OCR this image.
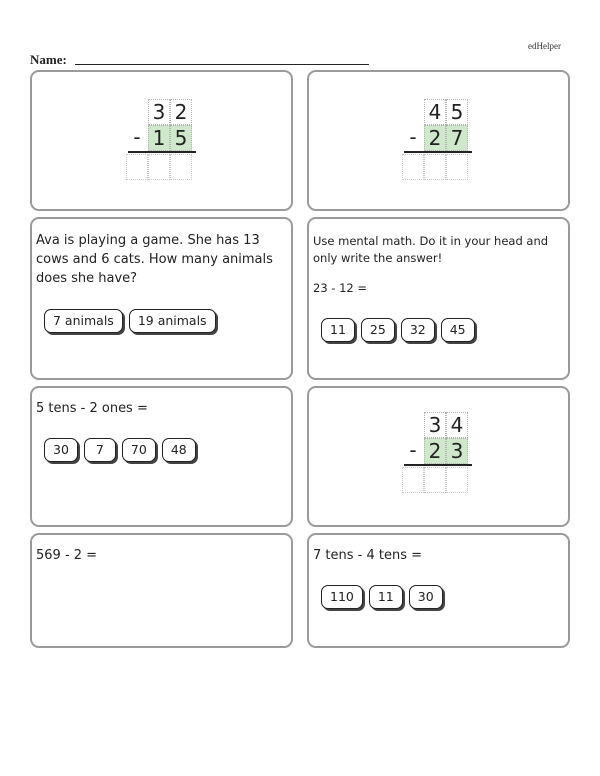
edHelper
Name:
3 2
- 1 5
4 5
- 2 7
Ava is playing a game. She has 13 cows and 6 cats. How many animals does she have?
7 animals	19 animals
Use mental math. Do it in your head and only write the answer!
23 - 12 =
11	25	32	45
5 tens - 2 ones =
30	7	70	48
3 4
- 2 3
569 - 2 =	7 tens - 4 tens =
110	11	30
